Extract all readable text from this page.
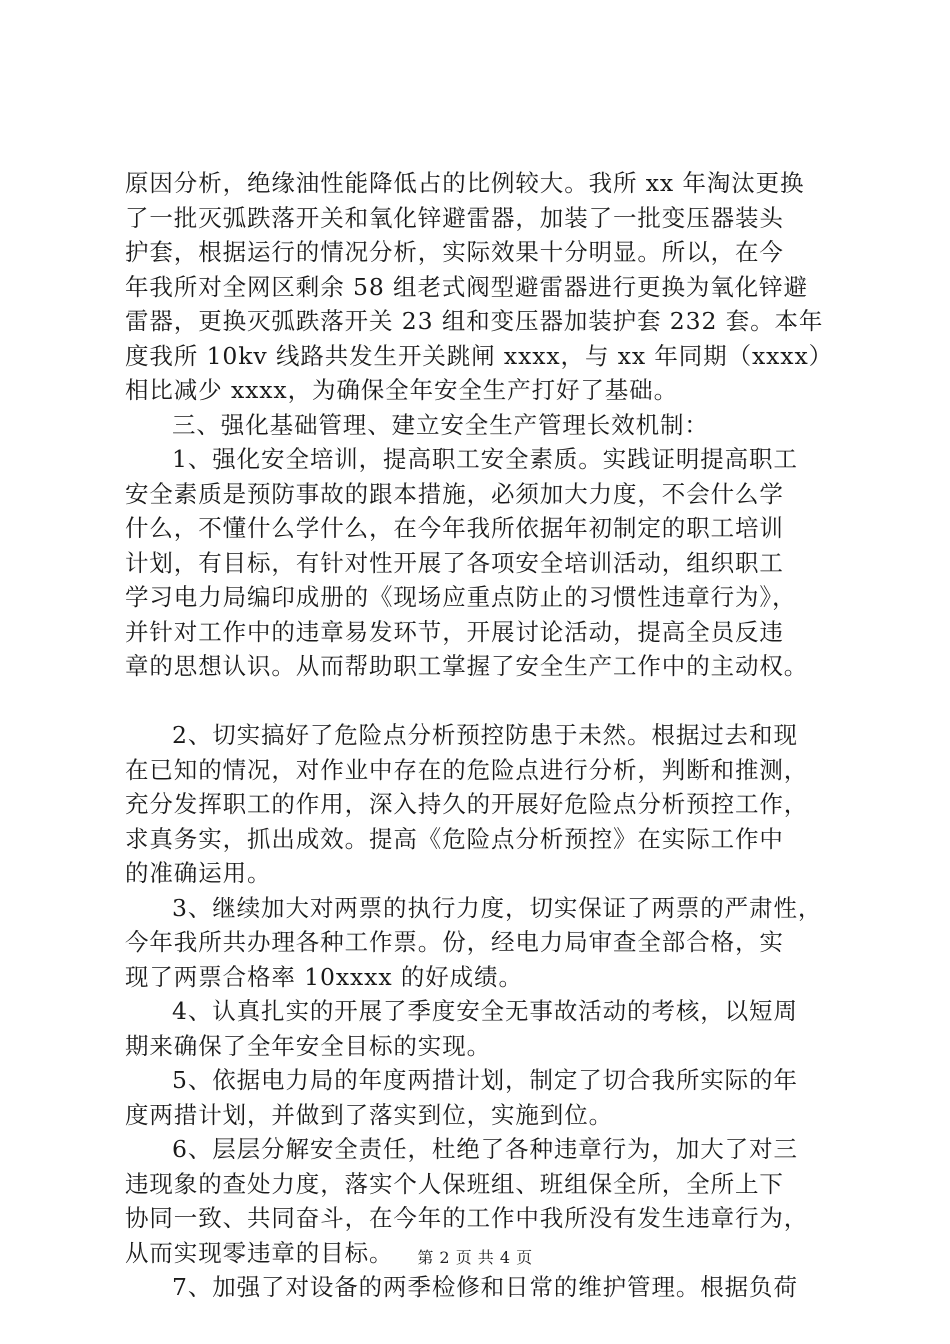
原因分析，绝缘油性能降低占的比例较大。我所 xx 年淘汰更换
了一批灭弧跌落开关和氧化锌避雷器，加装了一批变压器装头
护套，根据运行的情况分析，实际效果十分明显。所以，在今
年我所对全网区剩余 58 组老式阀型避雷器进行更换为氧化锌避
雷器，更换灭弧跌落开关 23 组和变压器加装护套 232 套。本年
度我所 10kv 线路共发生开关跳闸 xxxx，与 xx 年同期（xxxx）
相比减少 xxxx，为确保全年安全生产打好了基础。
三、强化基础管理、建立安全生产管理长效机制：
1、强化安全培训，提高职工安全素质。实践证明提高职工
安全素质是预防事故的跟本措施，必须加大力度，不会什么学
什么，不懂什么学什么，在今年我所依据年初制定的职工培训
计划，有目标，有针对性开展了各项安全培训活动，组织职工
学习电力局编印成册的《现场应重点防止的习惯性违章行为》，
并针对工作中的违章易发环节，开展讨论活动，提高全员反违
章的思想认识。从而帮助职工掌握了安全生产工作中的主动权。
2、切实搞好了危险点分析预控防患于未然。根据过去和现
在已知的情况，对作业中存在的危险点进行分析，判断和推测，
充分发挥职工的作用，深入持久的开展好危险点分析预控工作，
求真务实，抓出成效。提高《危险点分析预控》在实际工作中
的准确运用。
3、继续加大对两票的执行力度，切实保证了两票的严肃性，
今年我所共办理各种工作票。份，经电力局审查全部合格，实
现了两票合格率 10xxxx 的好成绩。
4、认真扎实的开展了季度安全无事故活动的考核，以短周
期来确保了全年安全目标的实现。
5、依据电力局的年度两措计划，制定了切合我所实际的年
度两措计划，并做到了落实到位，实施到位。
6、层层分解安全责任，杜绝了各种违章行为，加大了对三
违现象的查处力度，落实个人保班组、班组保全所，全所上下
协同一致、共同奋斗，在今年的工作中我所没有发生违章行为，
从而实现零违章的目标。
7、加强了对设备的两季检修和日常的维护管理。根据负荷
第 2 页 共 4 页
